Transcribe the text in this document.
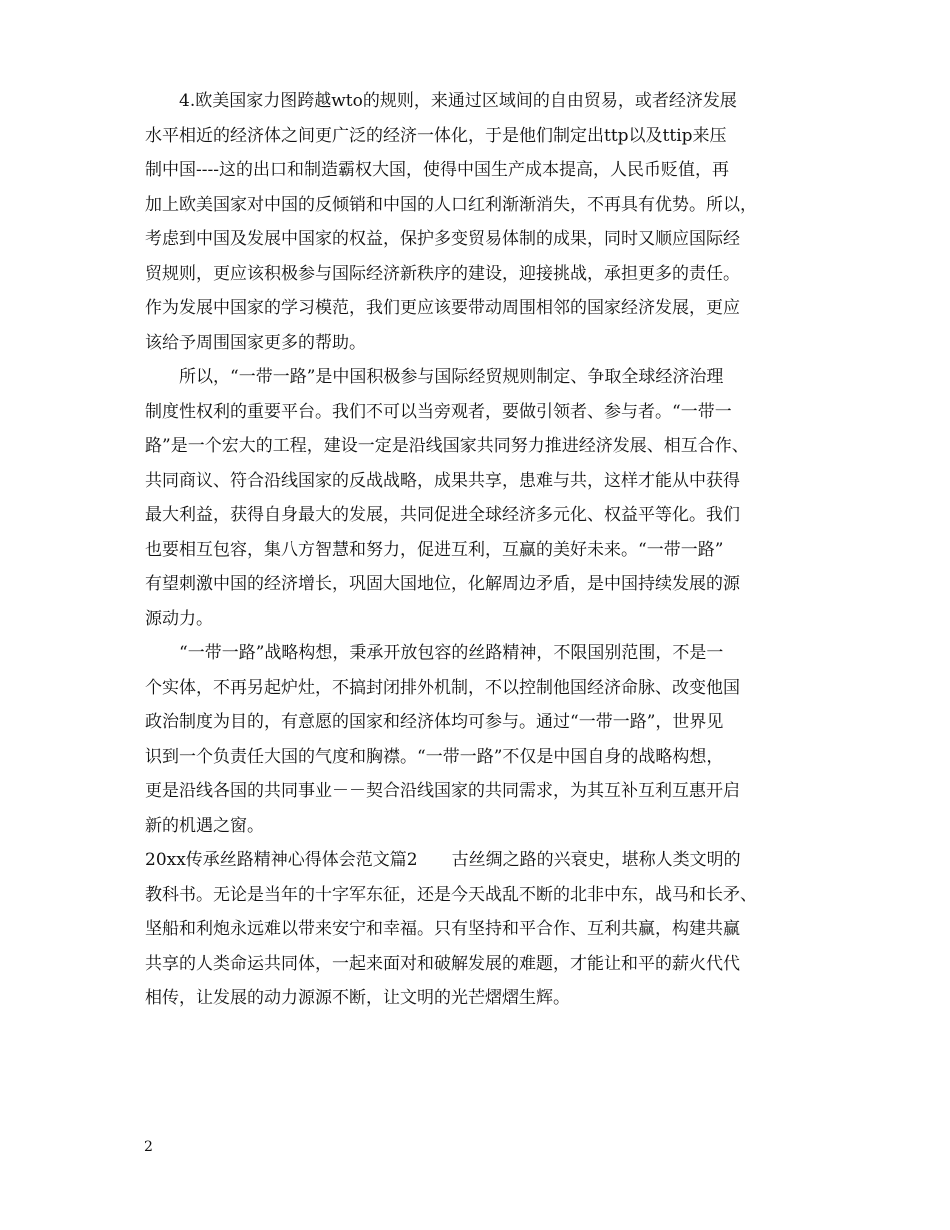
　　4.欧美国家力图跨越wto的规则，来通过区域间的自由贸易，或者经济发展
水平相近的经济体之间更广泛的经济一体化，于是他们制定出ttp以及ttip来压
制中国----这的出口和制造霸权大国，使得中国生产成本提高，人民币贬值，再
加上欧美国家对中国的反倾销和中国的人口红利渐渐消失，不再具有优势。所以，
考虑到中国及发展中国家的权益，保护多变贸易体制的成果，同时又顺应国际经
贸规则，更应该积极参与国际经济新秩序的建设，迎接挑战，承担更多的责任。
作为发展中国家的学习模范，我们更应该要带动周围相邻的国家经济发展，更应
该给予周围国家更多的帮助。
　　所以，“一带一路”是中国积极参与国际经贸规则制定、争取全球经济治理
制度性权利的重要平台。我们不可以当旁观者，要做引领者、参与者。“一带一
路”是一个宏大的工程，建设一定是沿线国家共同努力推进经济发展、相互合作、
共同商议、符合沿线国家的反战战略，成果共享，患难与共，这样才能从中获得
最大利益，获得自身最大的发展，共同促进全球经济多元化、权益平等化。我们
也要相互包容，集八方智慧和努力，促进互利，互赢的美好未来。“一带一路”
有望刺激中国的经济增长，巩固大国地位，化解周边矛盾，是中国持续发展的源
源动力。
　　“一带一路”战略构想，秉承开放包容的丝路精神，不限国别范围，不是一
个实体，不再另起炉灶，不搞封闭排外机制，不以控制他国经济命脉、改变他国
政治制度为目的，有意愿的国家和经济体均可参与。通过“一带一路”，世界见
识到一个负责任大国的气度和胸襟。“一带一路”不仅是中国自身的战略构想，
更是沿线各国的共同事业－－契合沿线国家的共同需求，为其互补互利互惠开启
新的机遇之窗。
20xx传承丝路精神心得体会范文篇2　　古丝绸之路的兴衰史，堪称人类文明的
教科书。无论是当年的十字军东征，还是今天战乱不断的北非中东，战马和长矛、
坚船和利炮永远难以带来安宁和幸福。只有坚持和平合作、互利共赢，构建共赢
共享的人类命运共同体，一起来面对和破解发展的难题，才能让和平的薪火代代
相传，让发展的动力源源不断，让文明的光芒熠熠生辉。
2
